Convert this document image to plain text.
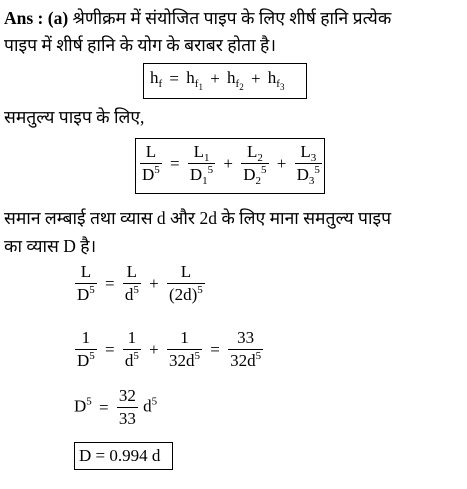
Ans : (a) श्रेणीक्रम में संयोजित पाइप के लिए शीर्ष हानि प्रत्येक
पाइप में शीर्ष हानि के योग के बराबर होता है।
$h_f = h_{f_1} + h_{f_2} + h_{f_3}$
समतुल्य पाइप के लिए,
$\frac{L}{D^5} = \frac{L_1}{D_1^5} + \frac{L_2}{D_2^5} + \frac{L_3}{D_3^5}$
समान लम्बाई तथा व्यास d और 2d के लिए माना समतुल्य पाइप
का व्यास D है।
$\frac{L}{D^5} = \frac{L}{d^5} + \frac{L}{(2d)^5}$
$\frac{1}{D^5} = \frac{1}{d^5} + \frac{1}{32d^5} = \frac{33}{32d^5}$
$D^5 = \frac{32}{33} d^5$
D = 0.994 d
